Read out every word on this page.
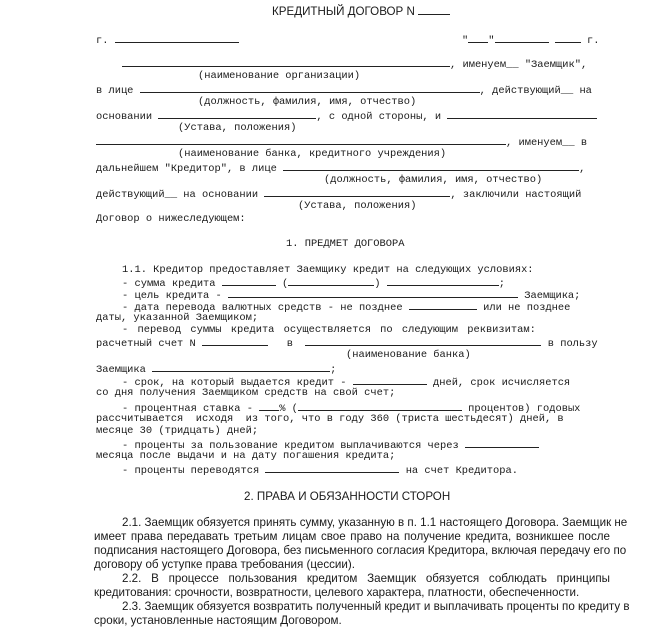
КРЕДИТНЫЙ ДОГОВОР N
г.	" "	г.
, именуем__ "Заемщик",
(наименование организации)
в лице	, действующий__ на
(должность, фамилия, имя, отчество)
основании	, с одной стороны, и
(Устава, положения)
, именуем__ в
(наименование банка, кредитного учреждения)
дальнейшем "Кредитор", в лице	,
(должность, фамилия, имя, отчество)
действующий__ на основании	, заключили настоящий
(Устава, положения)
Договор о нижеследующем:
1. ПРЕДМЕТ ДОГОВОРА
1.1. Кредитор предоставляет Заемщику кредит на следующих условиях:
- сумма кредита	(	)	;
- цель кредита -	Заемщика;
- дата перевода валютных средств - не позднее	или не позднее
даты, указанной Заемщиком;
- перевод суммы кредита осуществляется по следующим реквизитам:
расчетный счет N	в	в пользу
(наименование банка)
Заемщика	;
- срок, на который выдается кредит -	дней, срок исчисляется
со дня получения Заемщиком средств на свой счет;
- процентная ставка -	% (	процентов) годовых
рассчитывается  исходя  из того, что в году 360 (триста шестьдесят) дней, в
месяце 30 (тридцать) дней;
- проценты за пользование кредитом выплачиваются через
месяца после выдачи и на дату погашения кредита;
- проценты переводятся	на счет Кредитора.
2. ПРАВА И ОБЯЗАННОСТИ СТОРОН
2.1. Заемщик обязуется принять сумму, указанную в п. 1.1 настоящего Договора. Заемщик не
имеет права передавать третьим лицам свое право на получение кредита, возникшее после
подписания настоящего Договора, без письменного согласия Кредитора, включая передачу его по
договору об уступке права требования (цессии).
2.2. В процессе пользования кредитом Заемщик обязуется соблюдать принципы
кредитования: срочности, возвратности, целевого характера, платности, обеспеченности.
2.3. Заемщик обязуется возвратить полученный кредит и выплачивать проценты по кредиту в
сроки, установленные настоящим Договором.
